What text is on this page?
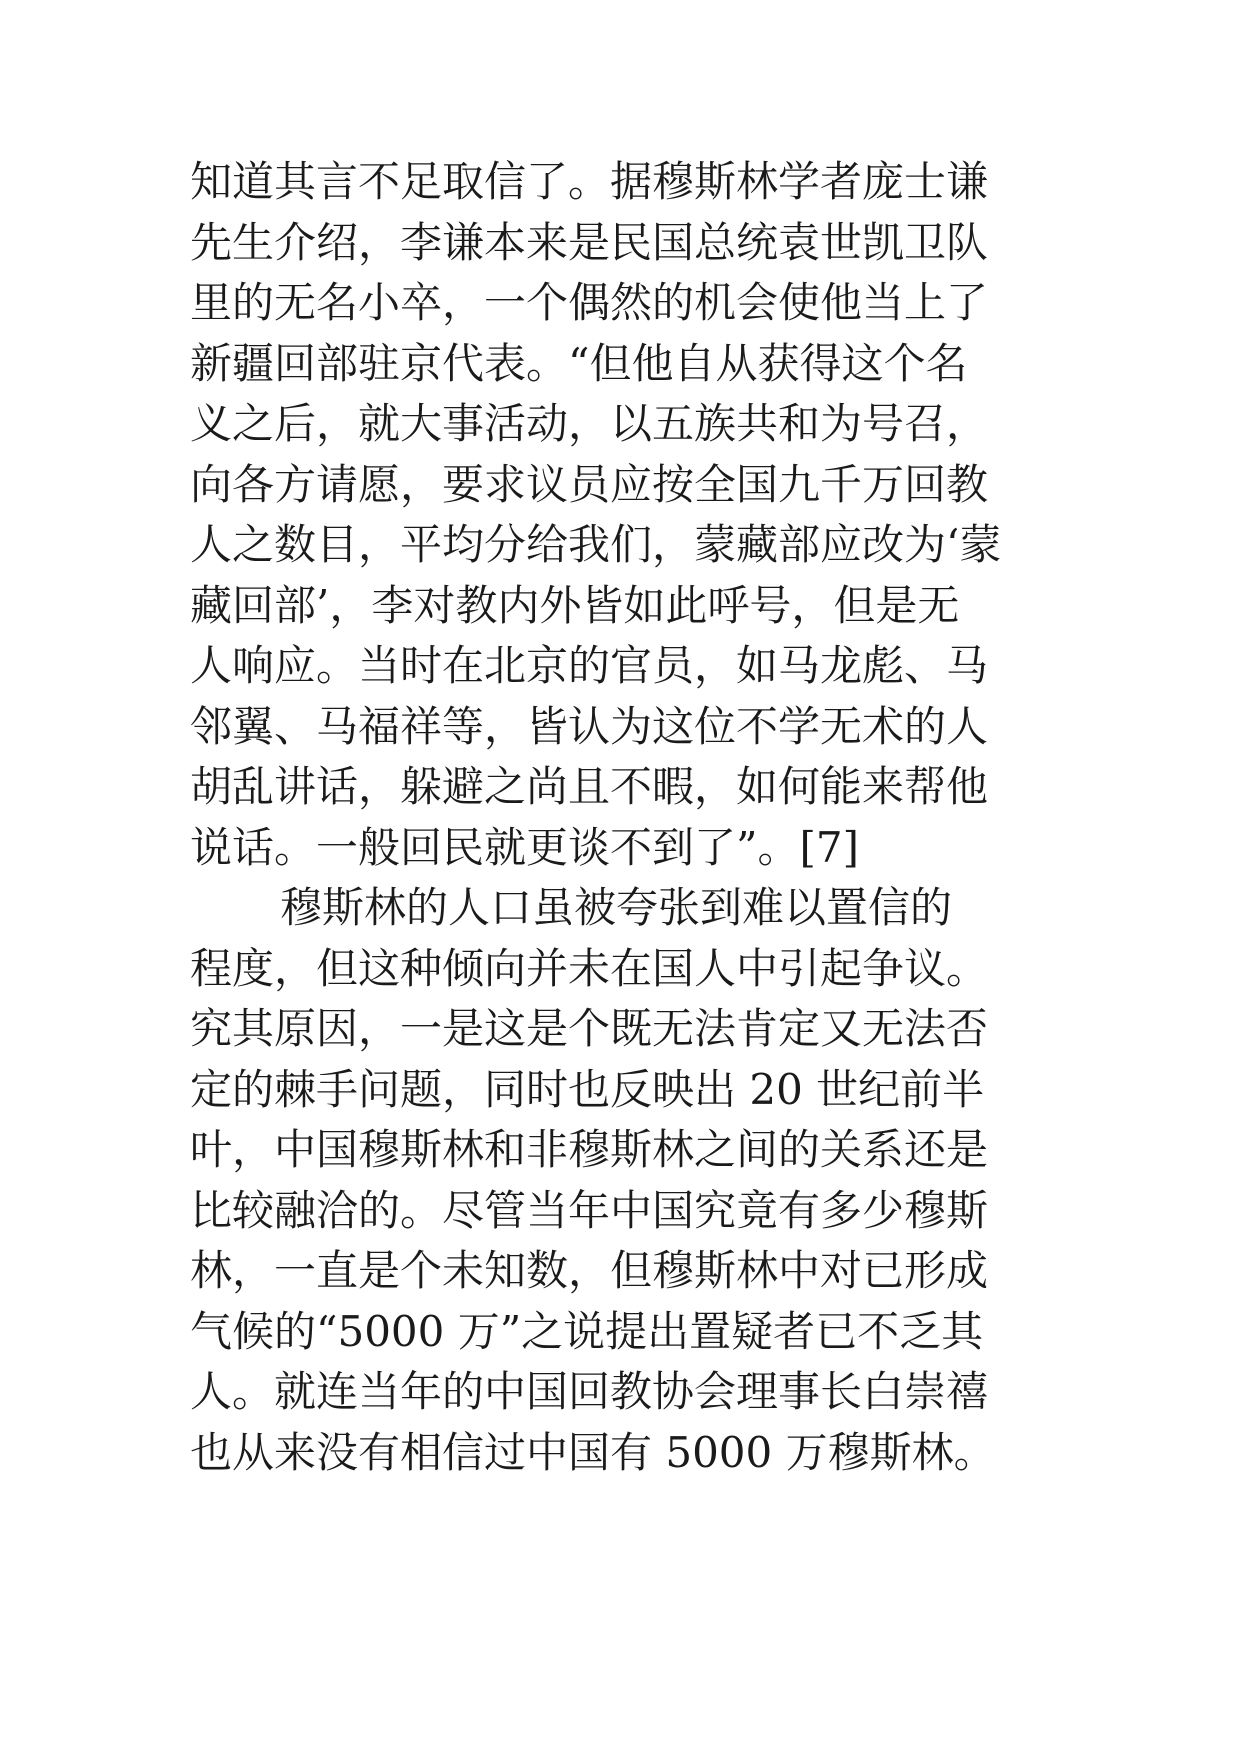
知道其言不足取信了。据穆斯林学者庞士谦
先生介绍，李谦本来是民国总统袁世凯卫队
里的无名小卒，一个偶然的机会使他当上了
新疆回部驻京代表。“但他自从获得这个名
义之后，就大事活动，以五族共和为号召，
向各方请愿，要求议员应按全国九千万回教
人之数目，平均分给我们，蒙藏部应改为‘蒙
藏回部’，李对教内外皆如此呼号，但是无
人响应。当时在北京的官员，如马龙彪、马
邻翼、马福祥等，皆认为这位不学无术的人
胡乱讲话，躲避之尚且不暇，如何能来帮他
说话。一般回民就更谈不到了”。[7]
穆斯林的人口虽被夸张到难以置信的
程度，但这种倾向并未在国人中引起争议。
究其原因，一是这是个既无法肯定又无法否
定的棘手问题，同时也反映出 20 世纪前半
叶，中国穆斯林和非穆斯林之间的关系还是
比较融洽的。尽管当年中国究竟有多少穆斯
林，一直是个未知数，但穆斯林中对已形成
气候的“5000 万”之说提出置疑者已不乏其
人。就连当年的中国回教协会理事长白崇禧
也从来没有相信过中国有 5000 万穆斯林。
